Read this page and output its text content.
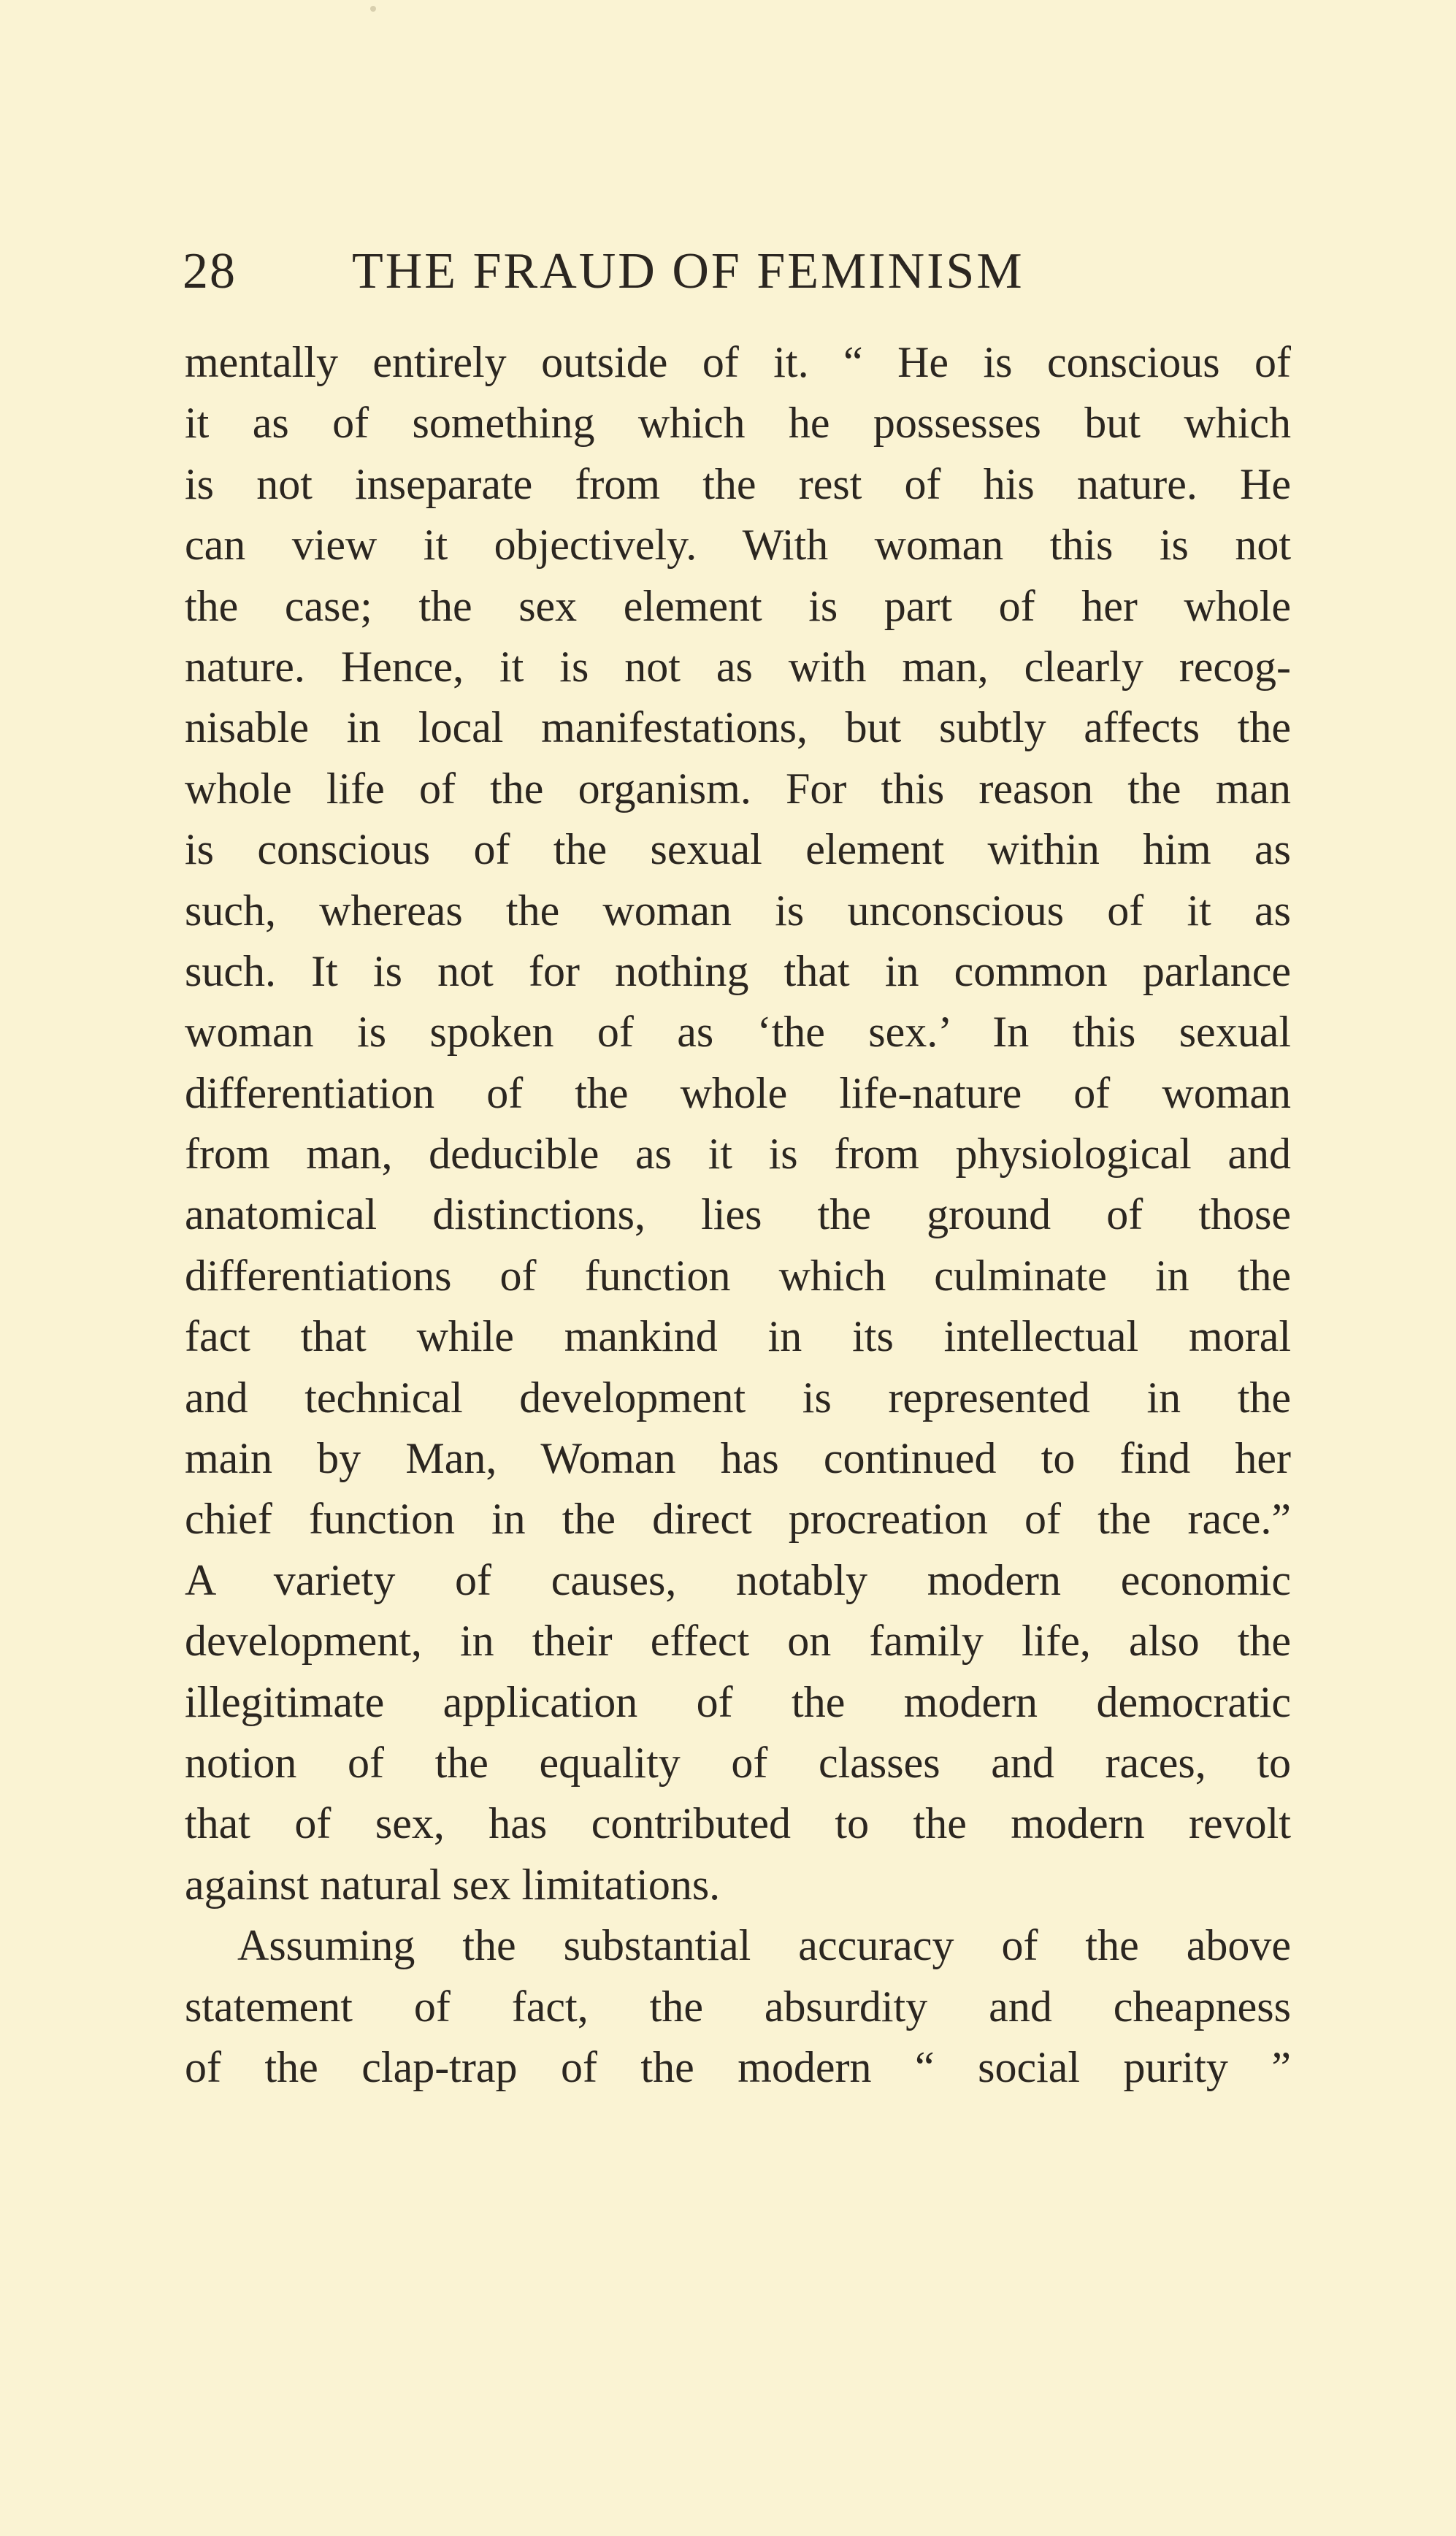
28 THE FRAUD OF FEMINISM
mentally entirely outside of it. “ He is conscious of
it as of something which he possesses but which
is not inseparate from the rest of his nature. He
can view it objectively. With woman this is not
the case; the sex element is part of her whole
nature. Hence, it is not as with man, clearly recog-
nisable in local manifestations, but subtly affects the
whole life of the organism. For this reason the man
is conscious of the sexual element within him as
such, whereas the woman is unconscious of it as
such. It is not for nothing that in common parlance
woman is spoken of as ‘the sex.’ In this sexual
differentiation of the whole life-nature of woman
from man, deducible as it is from physiological and
anatomical distinctions, lies the ground of those
differentiations of function which culminate in the
fact that while mankind in its intellectual moral
and technical development is represented in the
main by Man, Woman has continued to find her
chief function in the direct procreation of the race.”
A variety of causes, notably modern economic
development, in their effect on family life, also the
illegitimate application of the modern democratic
notion of the equality of classes and races, to
that of sex, has contributed to the modern revolt
against natural sex limitations.
Assuming the substantial accuracy of the above
statement of fact, the absurdity and cheapness
of the clap-trap of the modern “ social purity ”
